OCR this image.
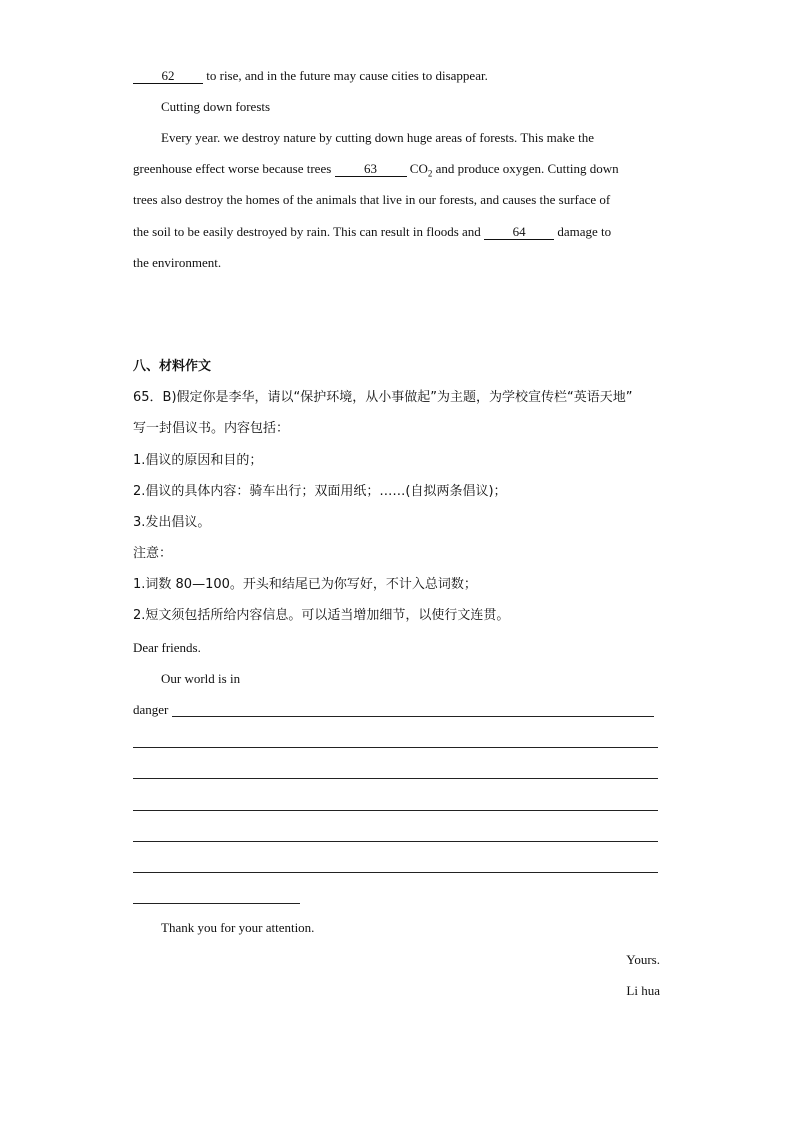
62 to rise, and in the future may cause cities to disappear.
Cutting down forests
Every year. we destroy nature by cutting down huge areas of forests. This make the
greenhouse effect worse because trees 63 $CO_2$ and produce oxygen. Cutting down
trees also destroy the homes of the animals that live in our forests, and causes the surface of
the soil to be easily destroyed by rain. This can result in floods and 64 damage to
the environment.
八、材料作文
65．B)假定你是李华，请以“保护环境，从小事做起”为主题，为学校宣传栏“英语天地”
写一封倡议书。内容包括：
1.倡议的原因和目的；
2.倡议的具体内容：骑车出行；双面用纸；……(自拟两条倡议)；
3.发出倡议。
注意：
1.词数 80—100。开头和结尾已为你写好，不计入总词数；
2.短文须包括所给内容信息。可以适当增加细节，以使行文连贯。
Dear friends.
Our world is in
danger
Thank you for your attention.
Yours.
Li hua
